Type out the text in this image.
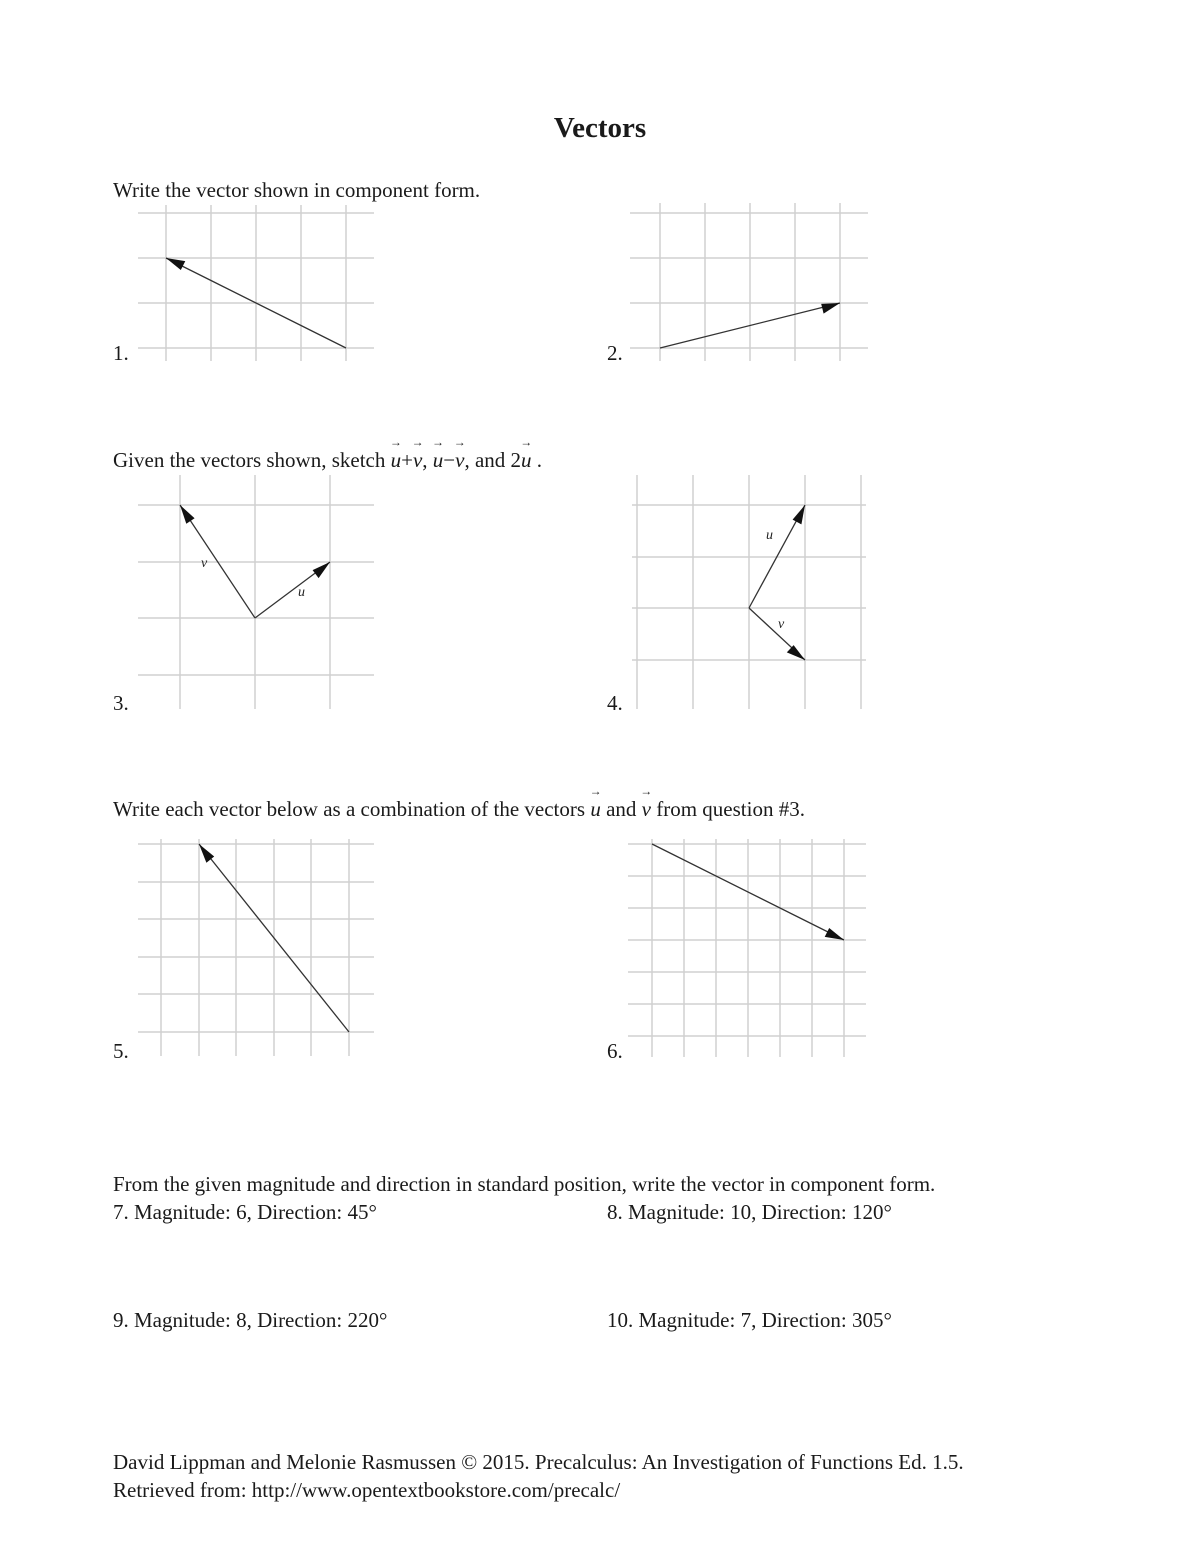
Vectors
Write the vector shown in component form.
1.	2.
Given the vectors shown, sketch → u+→ v, → u−→ v, and 2→ u .
3.
v
u
4.
u
v
Write each vector below as a combination of the vectors → u and → v from question #3.
5.	6.
From the given magnitude and direction in standard position, write the vector in component form.
7. Magnitude: 6, Direction: 45°	8. Magnitude: 10, Direction: 120°
9. Magnitude: 8, Direction: 220°	10. Magnitude: 7, Direction: 305°
David Lippman and Melonie Rasmussen © 2015. Precalculus: An Investigation of Functions Ed. 1.5.
Retrieved from: http://www.opentextbookstore.com/precalc/
